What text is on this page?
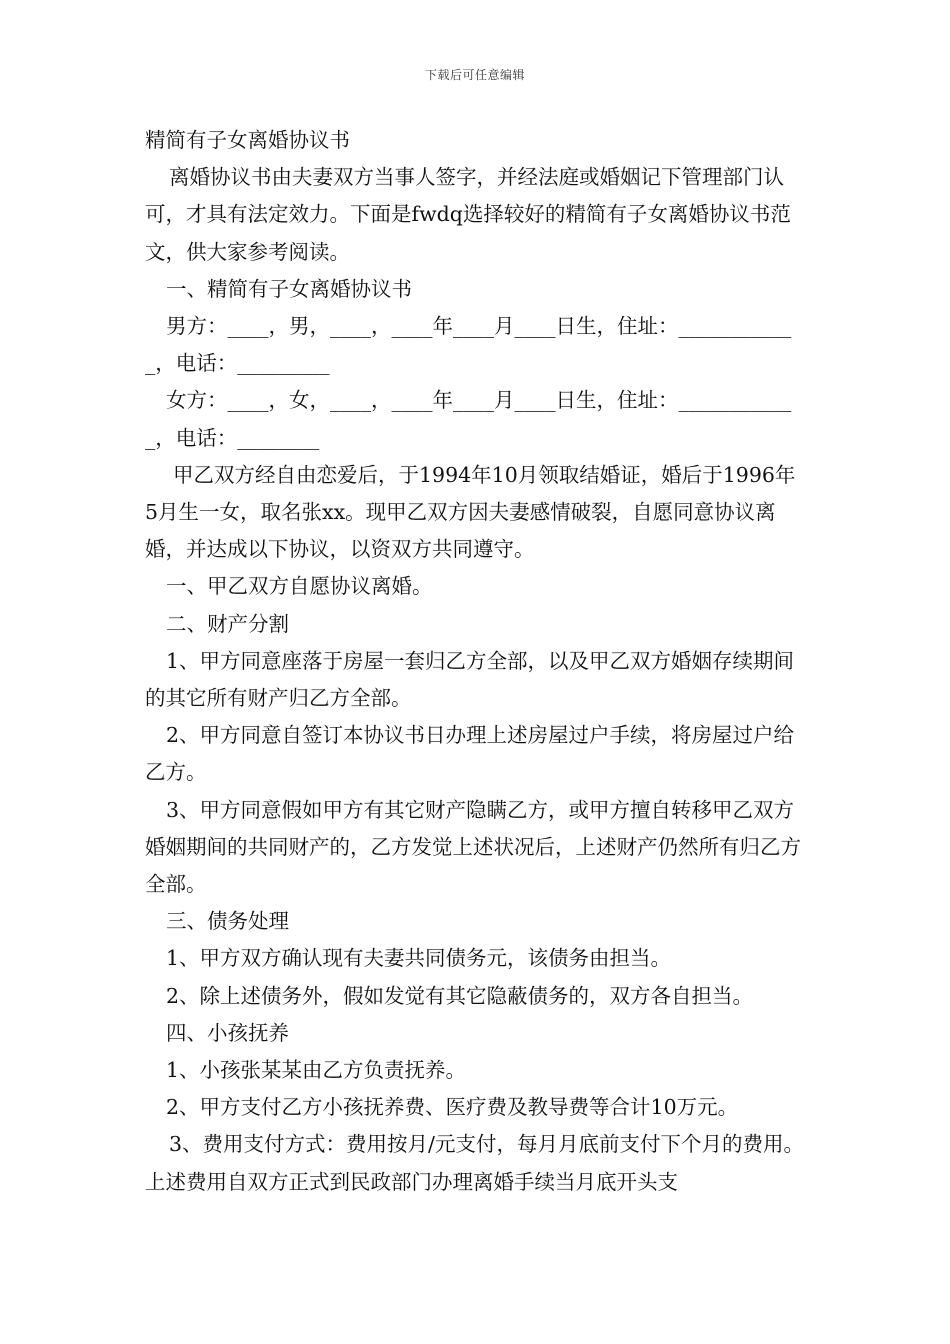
下载后可任意编辑

精简有子女离婚协议书

离婚协议书由夫妻双方当事人签字，并经法庭或婚姻记下管理部门认可，才具有法定效力。下面是fwdq选择较好的精简有子女离婚协议书范文，供大家参考阅读。

一、精简有子女离婚协议书

男方：____，男，____，____年____月____日生，住址：____________，电话：_________

女方：____，女，____，____年____月____日生，住址：____________，电话：________

甲乙双方经自由恋爱后，于1994年10月领取结婚证，婚后于1996年5月生一女，取名张xx。现甲乙双方因夫妻感情破裂，自愿同意协议离婚，并达成以下协议，以资双方共同遵守。

一、甲乙双方自愿协议离婚。

二、财产分割

1、甲方同意座落于房屋一套归乙方全部，以及甲乙双方婚姻存续期间的其它所有财产归乙方全部。

2、甲方同意自签订本协议书日办理上述房屋过户手续，将房屋过户给乙方。

3、甲方同意假如甲方有其它财产隐瞒乙方，或甲方擅自转移甲乙双方婚姻期间的共同财产的，乙方发觉上述状况后，上述财产仍然所有归乙方全部。

三、债务处理

1、甲方双方确认现有夫妻共同债务元，该债务由担当。

2、除上述债务外，假如发觉有其它隐蔽债务的，双方各自担当。

四、小孩抚养

1、小孩张某某由乙方负责抚养。

2、甲方支付乙方小孩抚养费、医疗费及教导费等合计10万元。

3、费用支付方式：费用按月/元支付，每月月底前支付下个月的费用。上述费用自双方正式到民政部门办理离婚手续当月底开头支
